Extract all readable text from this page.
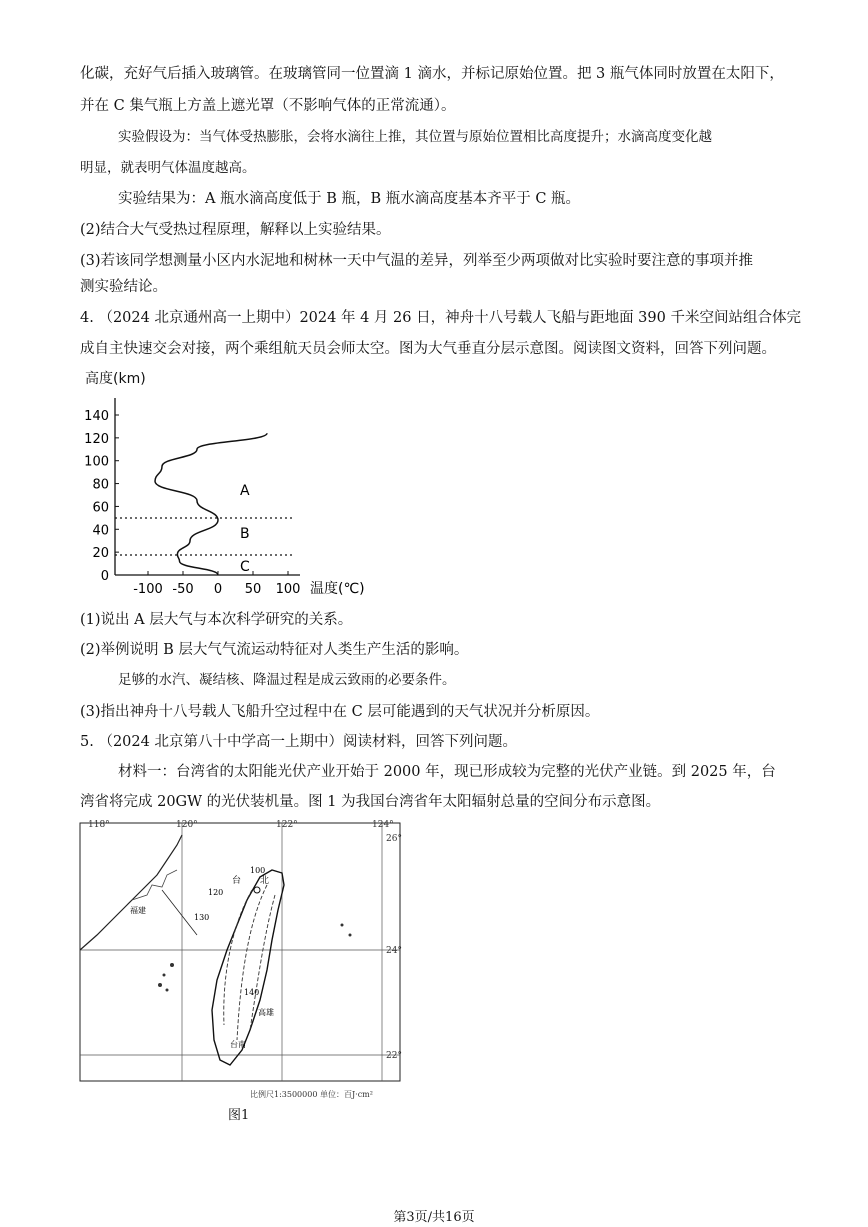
化碳，充好气后插入玻璃管。在玻璃管同一位置滴 1 滴水，并标记原始位置。把 3 瓶气体同时放置在太阳下，
并在 C 集气瓶上方盖上遮光罩（不影响气体的正常流通）。
实验假设为：当气体受热膨胀，会将水滴往上推，其位置与原始位置相比高度提升；水滴高度变化越
明显，就表明气体温度越高。
实验结果为：A 瓶水滴高度低于 B 瓶，B 瓶水滴高度基本齐平于 C 瓶。
(2)结合大气受热过程原理，解释以上实验结果。
(3)若该同学想测量小区内水泥地和树林一天中气温的差异，列举至少两项做对比实验时要注意的事项并推
测实验结论。
4. （2024 北京通州高一上期中）2024 年 4 月 26 日，神舟十八号载人飞船与距地面 390 千米空间站组合体完
成自主快速交会对接，两个乘组航天员会师太空。图为大气垂直分层示意图。阅读图文资料，回答下列问题。
高度(km)
0
20
40
60
80
100
120
140
-100 -50 0 50 100
A
B
C
温度(℃)
(1)说出 A 层大气与本次科学研究的关系。
(2)举例说明 B 层大气气流运动特征对人类生产生活的影响。
足够的水汽、凝结核、降温过程是成云致雨的必要条件。
(3)指出神舟十八号载人飞船升空过程中在 C 层可能遇到的天气状况并分析原因。
5. （2024 北京第八十中学高一上期中）阅读材料，回答下列问题。
材料一：台湾省的太阳能光伏产业开始于 2000 年，现已形成较为完整的光伏产业链。到 2025 年，台
湾省将完成 20GW 的光伏装机量。图 1 为我国台湾省年太阳辐射总量的空间分布示意图。
118°	120°	122°	124°
26°
24°
22°
100
120
130
140
台 北
台南
福建
高雄
比例尺1:3500000 单位：百J·cm²
图1
第3页/共16页
